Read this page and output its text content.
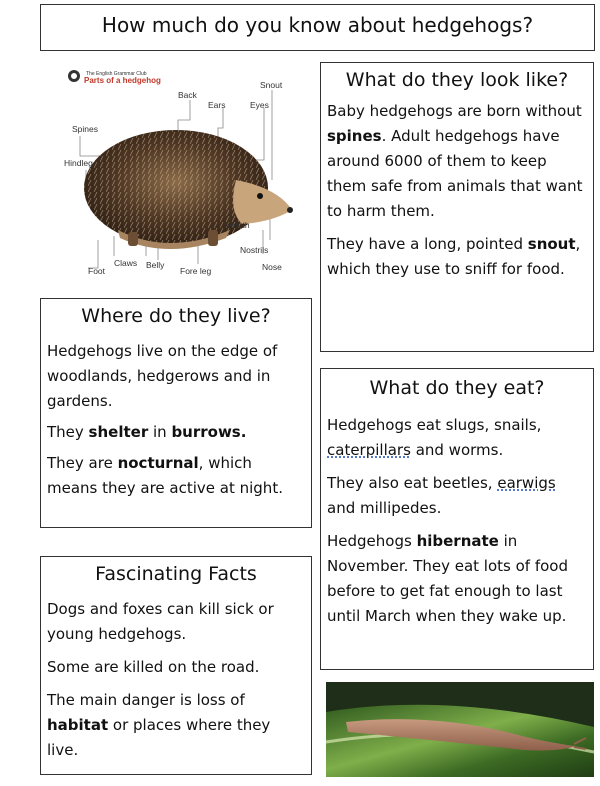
How much do you know about hedgehogs?
The English Grammar Club
Parts of a hedgehog
Back
Ears
Snout
Eyes
Spines
Hindleg
Mouth
Nostrils
Nose
Claws Belly
Fore leg
Foot
What do they look like?

Baby hedgehogs are born without spines. Adult hedgehogs have around 6000 of them to keep them safe from animals that want to harm them.

They have a long, pointed snout, which they use to sniff for food.

Where do they live?

Hedgehogs live on the edge of woodlands, hedgerows and in gardens.

They shelter in burrows.

They are nocturnal, which means they are active at night.

What do they eat?

Hedgehogs eat slugs, snails, caterpillars and worms.

They also eat beetles, earwigs and millipedes.

Hedgehogs hibernate in November. They eat lots of food before to get fat enough to last until March when they wake up.

Fascinating Facts

Dogs and foxes can kill sick or young hedgehogs.

Some are killed on the road.

The main danger is loss of habitat or places where they live.
